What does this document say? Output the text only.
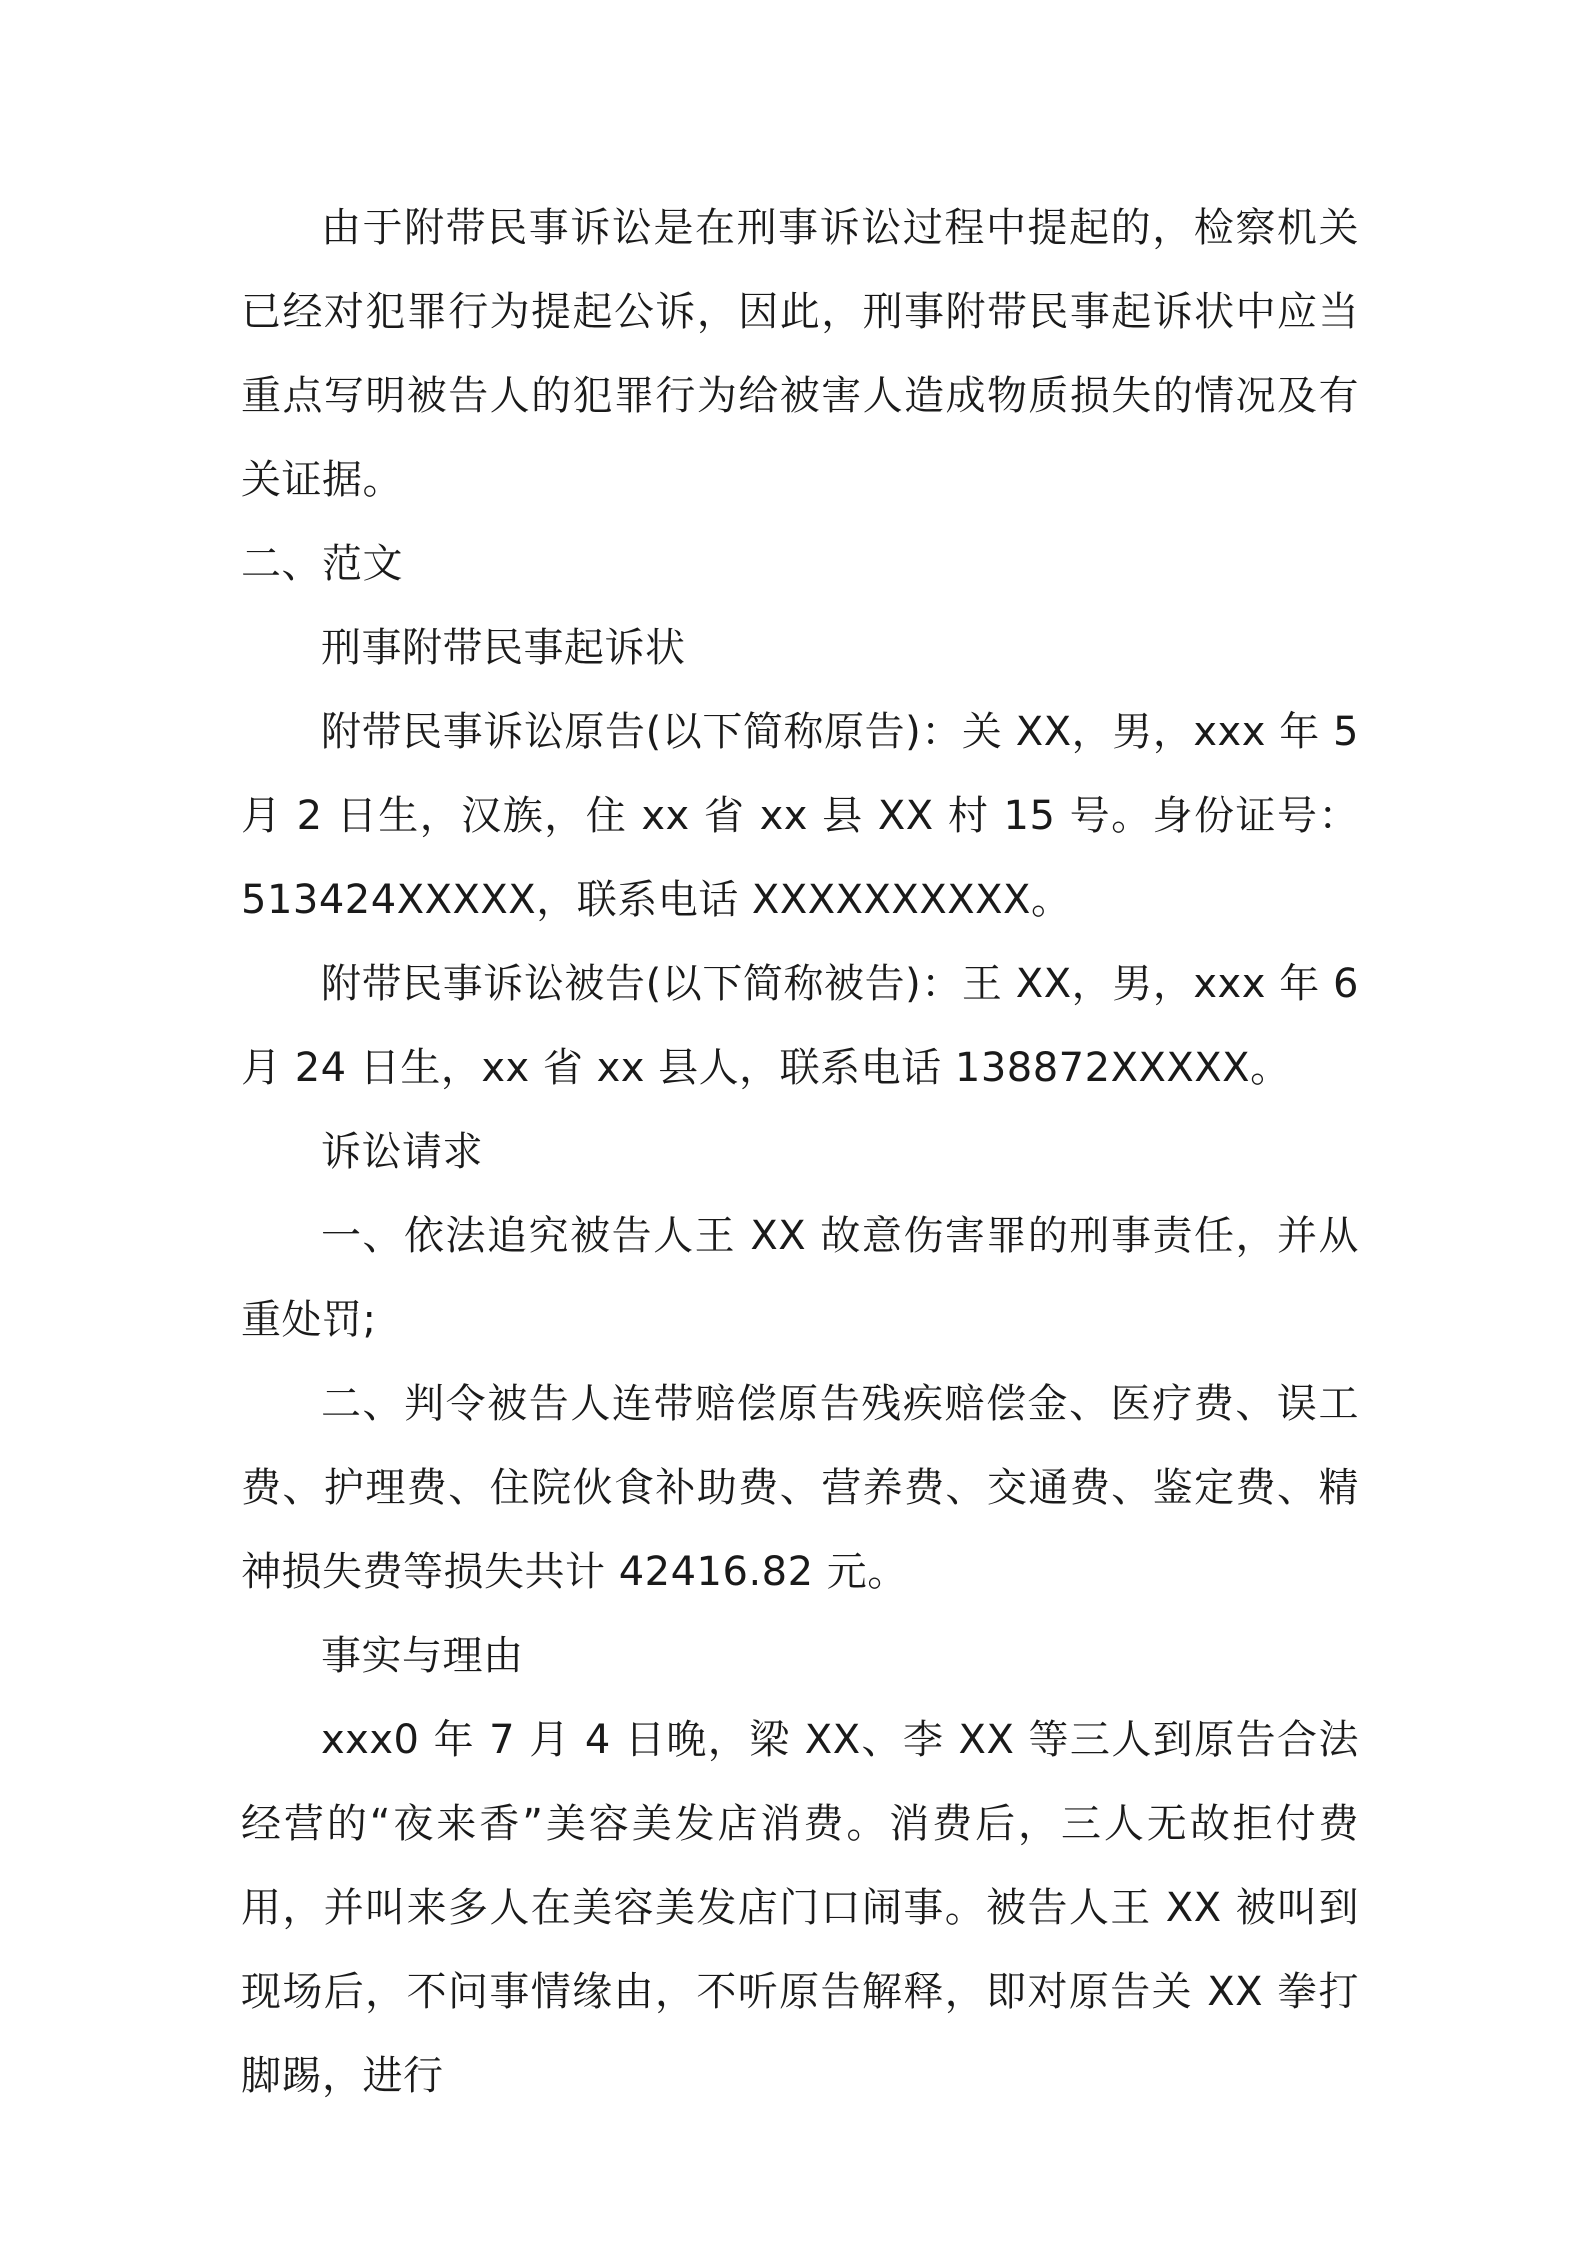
由于附带民事诉讼是在刑事诉讼过程中提起的，检察机关已经对犯罪行为提起公诉，因此，刑事附带民事起诉状中应当重点写明被告人的犯罪行为给被害人造成物质损失的情况及有关证据。

二、范文

刑事附带民事起诉状

附带民事诉讼原告(以下简称原告)：关 XX，男，xxx 年 5 月 2 日生，汉族，住 xx 省 xx 县 XX 村 15 号。身份证号：513424XXXXX，联系电话 XXXXXXXXXX。

附带民事诉讼被告(以下简称被告)：王 XX，男，xxx 年 6 月 24 日生，xx 省 xx 县人，联系电话 138872XXXXX。

诉讼请求

一、依法追究被告人王 XX 故意伤害罪的刑事责任，并从重处罚;

二、判令被告人连带赔偿原告残疾赔偿金、医疗费、误工费、护理费、住院伙食补助费、营养费、交通费、鉴定费、精神损失费等损失共计 42416.82 元。

事实与理由

xxx0 年 7 月 4 日晚，梁 XX、李 XX 等三人到原告合法经营的“夜来香”美容美发店消费。消费后，三人无故拒付费用，并叫来多人在美容美发店门口闹事。被告人王 XX 被叫到现场后，不问事情缘由，不听原告解释，即对原告关 XX 拳打脚踢，进行
